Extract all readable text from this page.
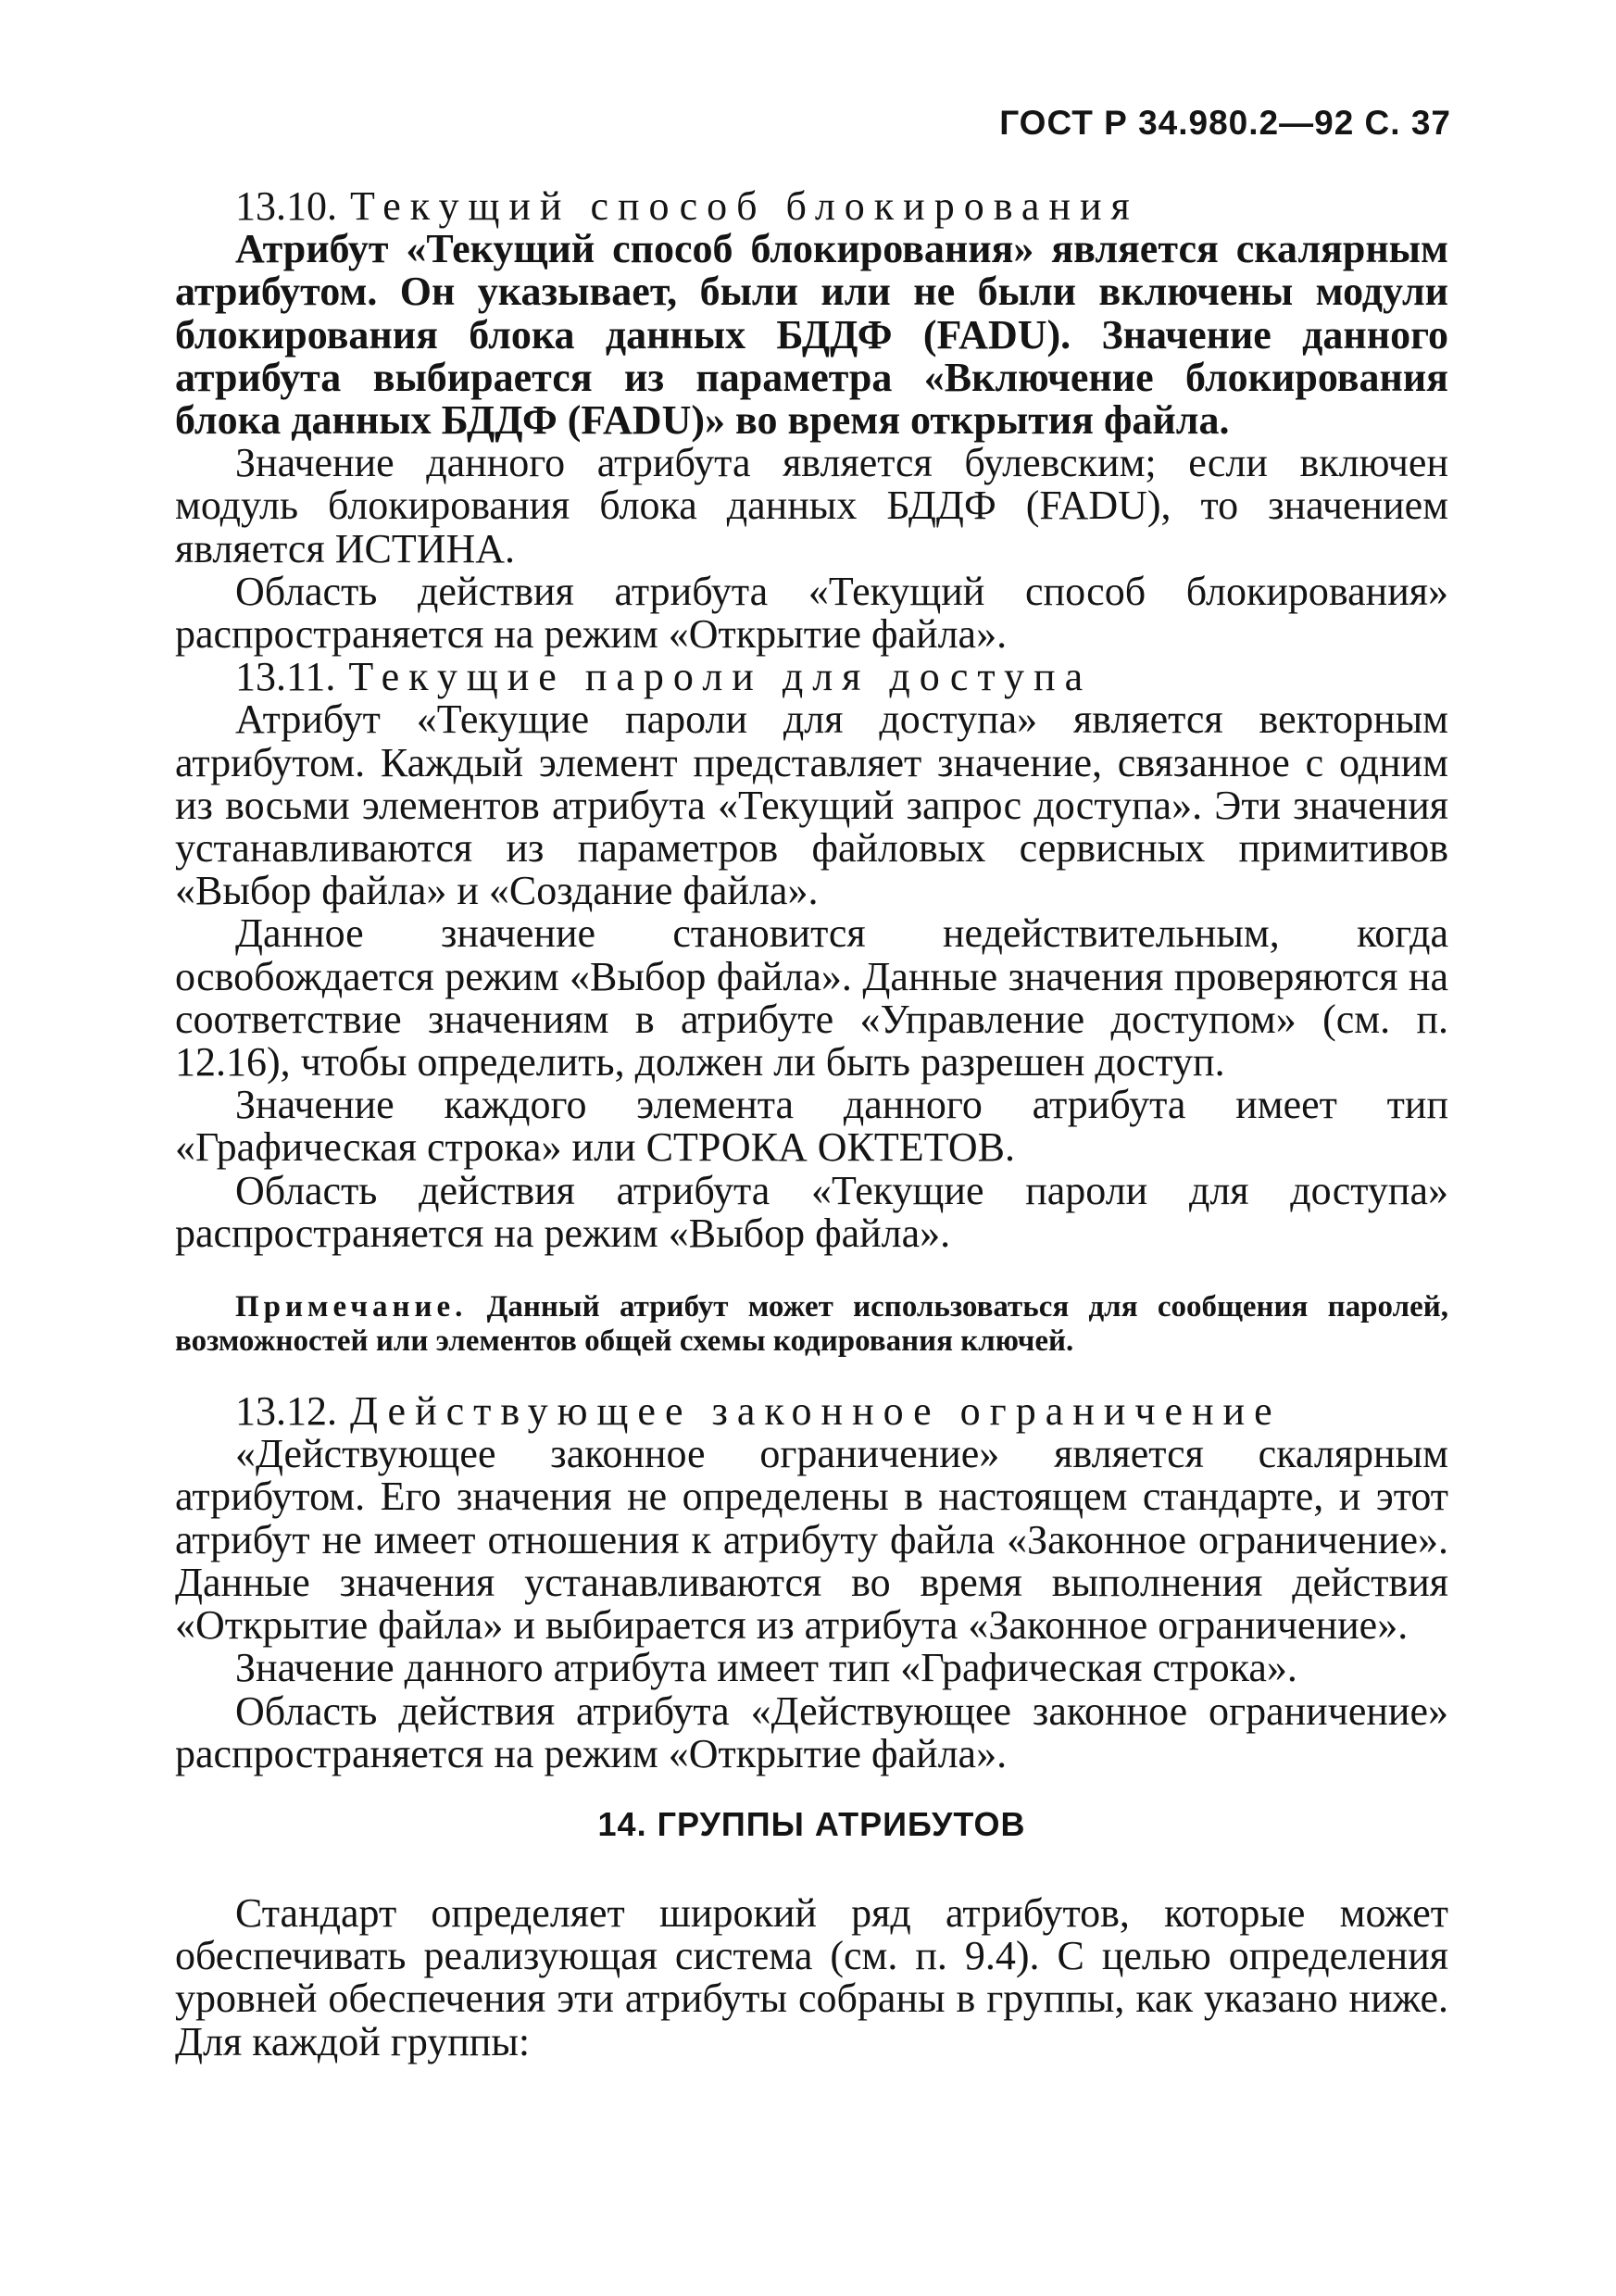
ГОСТ Р 34.980.2—92 С. 37

13.10. Текущий способ блокирования

Атрибут «Текущий способ блокирования» является скалярным атрибутом. Он указывает, были или не были включены модули блокирования блока данных БДДФ (FADU). Значение данного атрибута выбирается из параметра «Включение блокирования блока данных БДДФ (FADU)» во время открытия файла.

Значение данного атрибута является булевским; если включен модуль блокирования блока данных БДДФ (FADU), то значением является ИСТИНА.

Область действия атрибута «Текущий способ блокирования» распространяется на режим «Открытие файла».

13.11. Текущие пароли для доступа

Атрибут «Текущие пароли для доступа» является векторным атрибутом. Каждый элемент представляет значение, связанное с одним из восьми элементов атрибута «Текущий запрос доступа». Эти значения устанавливаются из параметров файловых сервисных примитивов «Выбор файла» и «Создание файла».

Данное значение становится недействительным, когда освобождается режим «Выбор файла». Данные значения проверяются на соответствие значениям в атрибуте «Управление доступом» (см. п. 12.16), чтобы определить, должен ли быть разрешен доступ.

Значение каждого элемента данного атрибута имеет тип «Графическая строка» или СТРОКА ОКТЕТОВ.

Область действия атрибута «Текущие пароли для доступа» распространяется на режим «Выбор файла».

Примечание. Данный атрибут может использоваться для сообщения паролей, возможностей или элементов общей схемы кодирования ключей.

13.12. Действующее законное ограничение

«Действующее законное ограничение» является скалярным атрибутом. Его значения не определены в настоящем стандарте, и этот атрибут не имеет отношения к атрибуту файла «Законное ограничение». Данные значения устанавливаются во время выполнения действия «Открытие файла» и выбирается из атрибута «Законное ограничение».

Значение данного атрибута имеет тип «Графическая строка».

Область действия атрибута «Действующее законное ограничение» распространяется на режим «Открытие файла».

14. ГРУППЫ АТРИБУТОВ

Стандарт определяет широкий ряд атрибутов, которые может обеспечивать реализующая система (см. п. 9.4). С целью определения уровней обеспечения эти атрибуты собраны в группы, как указано ниже. Для каждой группы:
